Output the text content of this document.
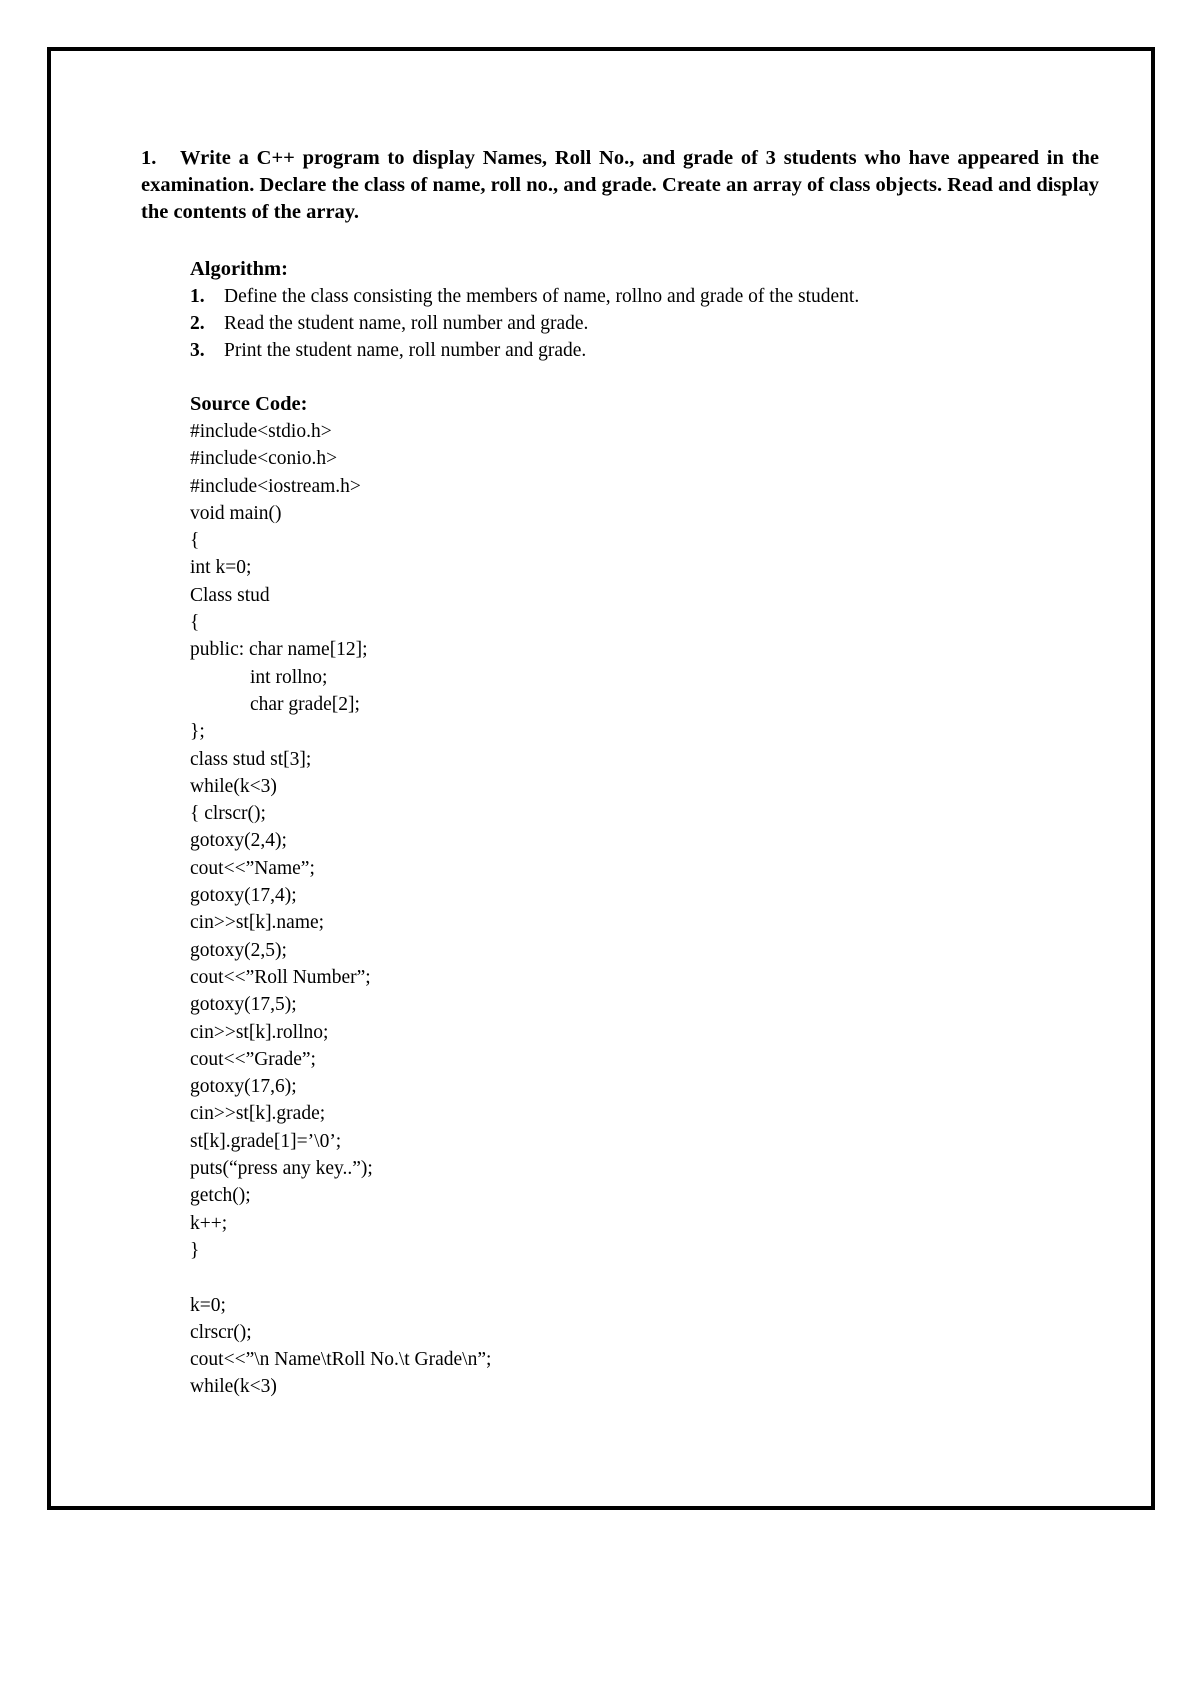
1. Write a C++ program to display Names, Roll No., and grade of 3 students who have appeared in the examination. Declare the class of name, roll no., and grade. Create an array of class objects. Read and display the contents of the array.

Algorithm:

1. Define the class consisting the members of name, rollno and grade of the student.
2. Read the student name, roll number and grade.
3. Print the student name, roll number and grade.

Source Code:

#include<stdio.h>
#include<conio.h>
#include<iostream.h>
void main()
{
int k=0;
Class stud
{
public: char name[12];
int rollno;
char grade[2];
};
class stud st[3];
while(k<3)
{ clrscr();
gotoxy(2,4);
cout<<”Name”;
gotoxy(17,4);
cin>>st[k].name;
gotoxy(2,5);
cout<<”Roll Number”;
gotoxy(17,5);
cin>>st[k].rollno;
cout<<”Grade”;
gotoxy(17,6);
cin>>st[k].grade;
st[k].grade[1]=’\0’;
puts(“press any key..”);
getch();
k++;
}
k=0;
clrscr();
cout<<”\n Name\tRoll No.\t Grade\n”;
while(k<3)
